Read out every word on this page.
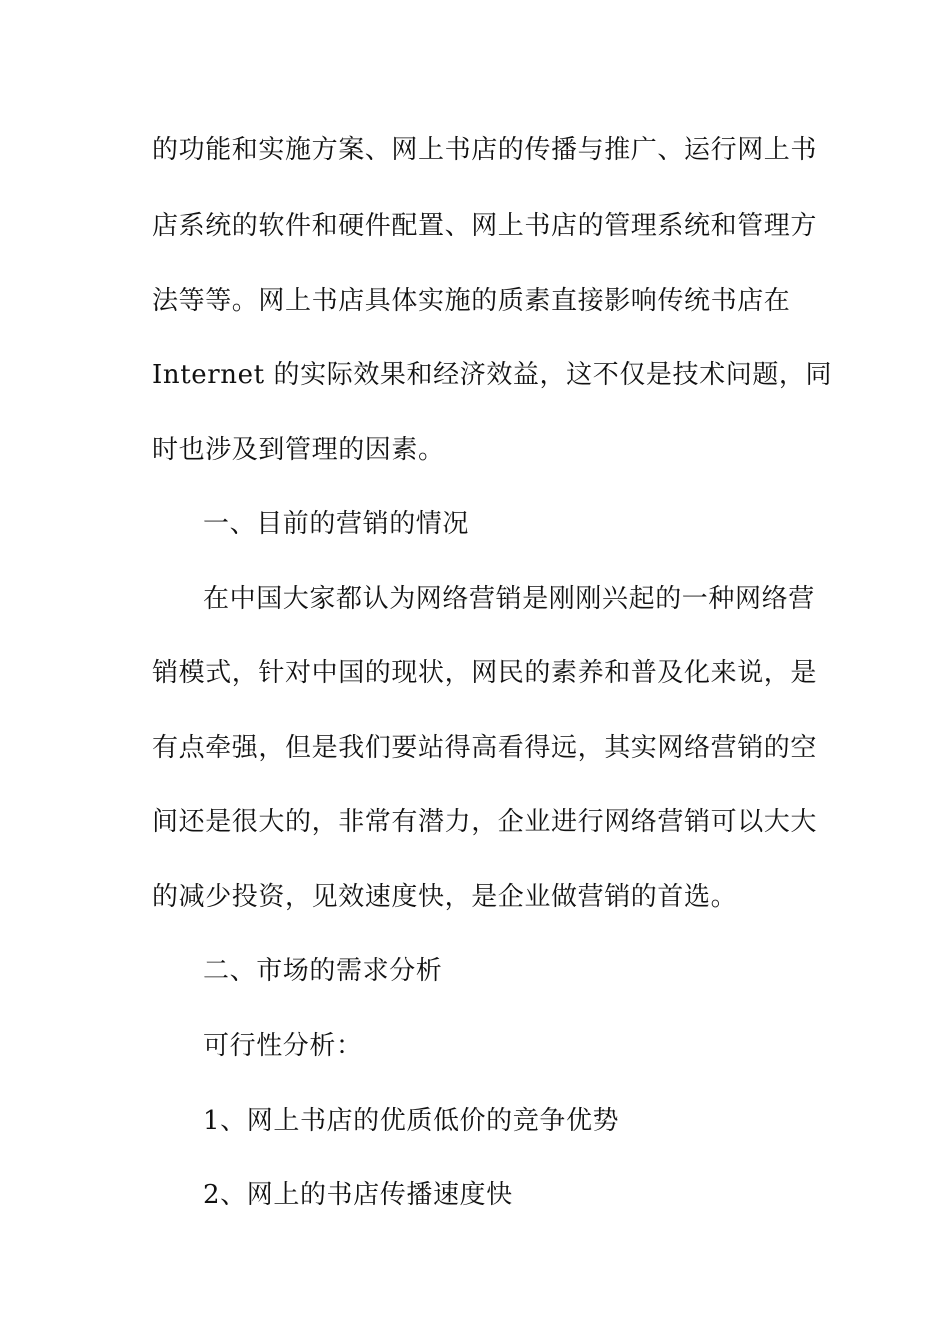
的功能和实施方案、网上书店的传播与推广、运行网上书
店系统的软件和硬件配置、网上书店的管理系统和管理方
法等等。网上书店具体实施的质素直接影响传统书店在
Internet 的实际效果和经济效益，这不仅是技术问题，同
时也涉及到管理的因素。
一、目前的营销的情况
在中国大家都认为网络营销是刚刚兴起的一种网络营
销模式，针对中国的现状，网民的素养和普及化来说，是
有点牵强，但是我们要站得高看得远，其实网络营销的空
间还是很大的，非常有潜力，企业进行网络营销可以大大
的减少投资，见效速度快，是企业做营销的首选。
二、市场的需求分析
可行性分析：
1、网上书店的优质低价的竞争优势
2、网上的书店传播速度快
